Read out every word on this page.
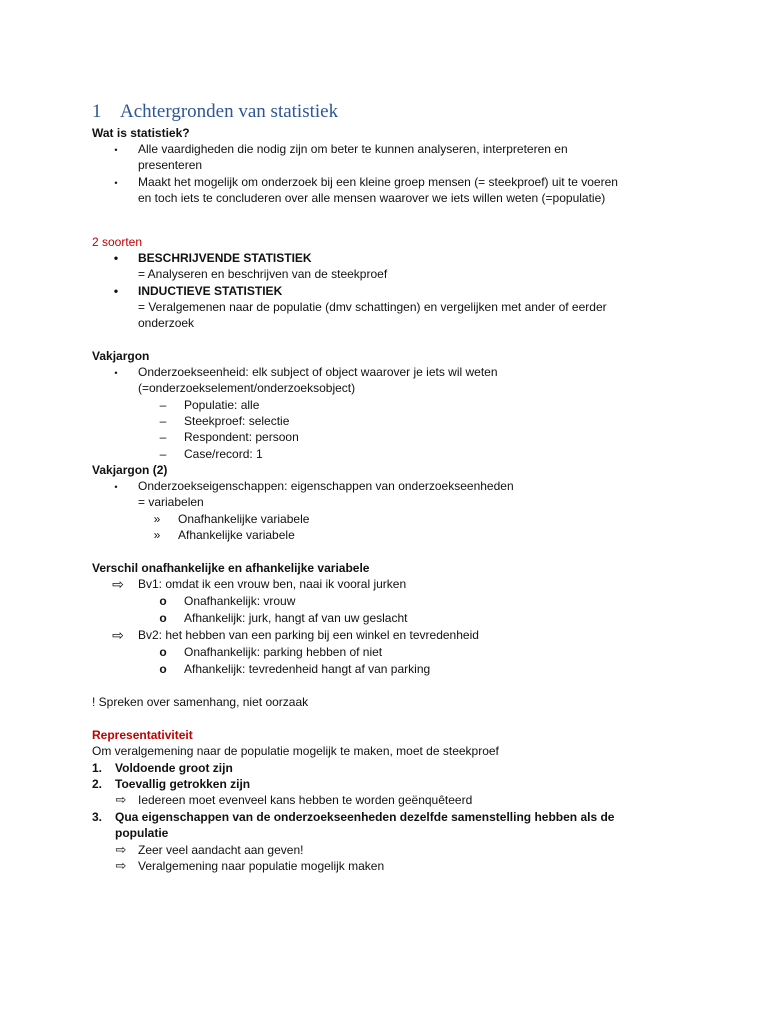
1 Achtergronden van statistiek
Wat is statistiek?
•	Alle vaardigheden die nodig zijn om beter te kunnen analyseren, interpreteren en
presenteren
•	Maakt het mogelijk om onderzoek bij een kleine groep mensen (= steekproef) uit te voeren
en toch iets te concluderen over alle mensen waarover we iets willen weten (=populatie)
2 soorten
•	BESCHRIJVENDE STATISTIEK
= Analyseren en beschrijven van de steekproef
•	INDUCTIEVE STATISTIEK
= Veralgemenen naar de populatie (dmv schattingen) en vergelijken met ander of eerder
onderzoek
Vakjargon
•	Onderzoekseenheid: elk subject of object waarover je iets wil weten
(=onderzoekselement/onderzoeksobject)
–	Populatie: alle
–	Steekproef: selectie
–	Respondent: persoon
–	Case/record: 1
Vakjargon (2)
•	Onderzoekseigenschappen: eigenschappen van onderzoekseenheden
= variabelen
»	Onafhankelijke variabele
»	Afhankelijke variabele
Verschil onafhankelijke en afhankelijke variabele
⇨ Bv1: omdat ik een vrouw ben, naai ik vooral jurken
o Onafhankelijk: vrouw
o Afhankelijk: jurk, hangt af van uw geslacht
⇨ Bv2: het hebben van een parking bij een winkel en tevredenheid
o Onafhankelijk: parking hebben of niet
o Afhankelijk: tevredenheid hangt af van parking
! Spreken over samenhang, niet oorzaak
Representativiteit
Om veralgemening naar de populatie mogelijk te maken, moet de steekproef
1. Voldoende groot zijn
2. Toevallig getrokken zijn
⇨ Iedereen moet evenveel kans hebben te worden geënquêteerd
3. Qua eigenschappen van de onderzoekseenheden dezelfde samenstelling hebben als de
populatie
⇨ Zeer veel aandacht aan geven!
⇨ Veralgemening naar populatie mogelijk maken
